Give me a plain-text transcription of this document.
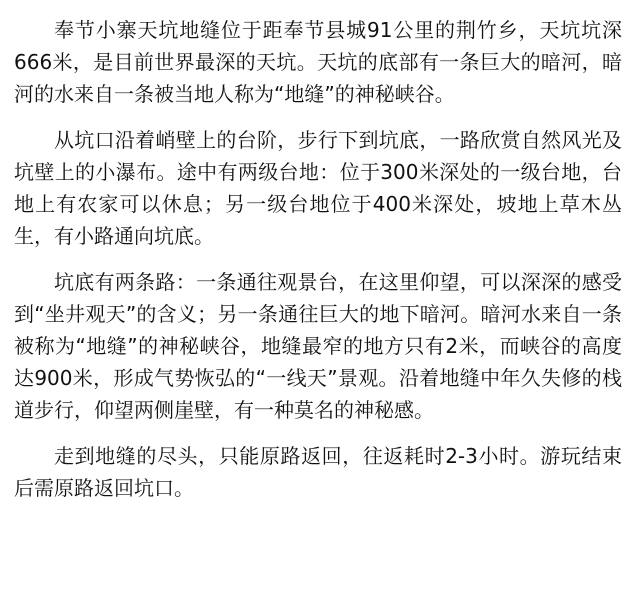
奉节小寨天坑地缝位于距奉节县城91公里的荆竹乡，天坑坑深666米，是目前世界最深的天坑。天坑的底部有一条巨大的暗河，暗河的水来自一条被当地人称为“地缝”的神秘峡谷。

从坑口沿着峭壁上的台阶，步行下到坑底，一路欣赏自然风光及坑壁上的小瀑布。途中有两级台地：位于300米深处的一级台地，台地上有农家可以休息；另一级台地位于400米深处，坡地上草木丛生，有小路通向坑底。

坑底有两条路：一条通往观景台，在这里仰望，可以深深的感受到“坐井观天”的含义；另一条通往巨大的地下暗河。暗河水来自一条被称为“地缝”的神秘峡谷，地缝最窄的地方只有2米，而峡谷的高度达900米，形成气势恢弘的“一线天”景观。沿着地缝中年久失修的栈道步行，仰望两侧崖壁，有一种莫名的神秘感。

走到地缝的尽头，只能原路返回，往返耗时2-3小时。游玩结束后需原路返回坑口。
